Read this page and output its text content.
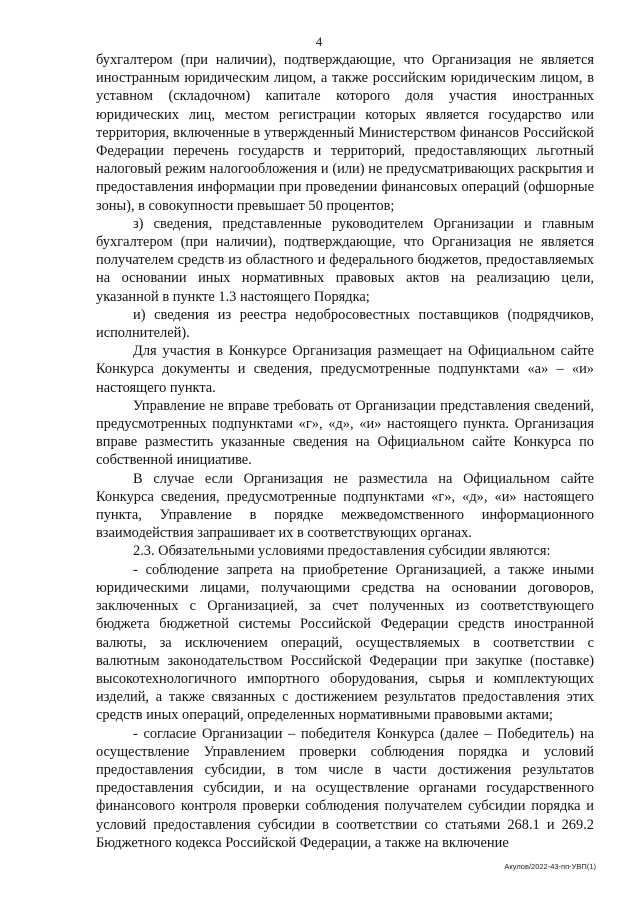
4

бухгалтером (при наличии), подтверждающие, что Организация не является иностранным юридическим лицом, а также российским юридическим лицом, в уставном (складочном) капитале которого доля участия иностранных юридических лиц, местом регистрации которых является государство или территория, включенные в утвержденный Министерством финансов Российской Федерации перечень государств и территорий, предоставляющих льготный налоговый режим налогообложения и (или) не предусматривающих раскрытия и предоставления информации при проведении финансовых операций (офшорные зоны), в совокупности превышает 50 процентов;

з) сведения, представленные руководителем Организации и главным бухгалтером (при наличии), подтверждающие, что Организация не является получателем средств из областного и федерального бюджетов, предоставляемых на основании иных нормативных правовых актов на реализацию цели, указанной в пункте 1.3 настоящего Порядка;

и) сведения из реестра недобросовестных поставщиков (подрядчиков, исполнителей).

Для участия в Конкурсе Организация размещает на Официальном сайте Конкурса документы и сведения, предусмотренные подпунктами «а» – «и» настоящего пункта.

Управление не вправе требовать от Организации представления сведений, предусмотренных подпунктами «г», «д», «и» настоящего пункта. Организация вправе разместить указанные сведения на Официальном сайте Конкурса по собственной инициативе.

В случае если Организация не разместила на Официальном сайте Конкурса сведения, предусмотренные подпунктами «г», «д», «и» настоящего пункта, Управление в порядке межведомственного информационного взаимодействия запрашивает их в соответствующих органах.

2.3. Обязательными условиями предоставления субсидии являются:

- соблюдение запрета на приобретение Организацией, а также иными юридическими лицами, получающими средства на основании договоров, заключенных с Организацией, за счет полученных из соответствующего бюджета бюджетной системы Российской Федерации средств иностранной валюты, за исключением операций, осуществляемых в соответствии с валютным законодательством Российской Федерации при закупке (поставке) высокотехнологичного импортного оборудования, сырья и комплектующих изделий, а также связанных с достижением результатов предоставления этих средств иных операций, определенных нормативными правовыми актами;

- согласие Организации – победителя Конкурса (далее – Победитель) на осуществление Управлением проверки соблюдения порядка и условий предоставления субсидии, в том числе в части достижения результатов предоставления субсидии, и на осуществление органами государственного финансового контроля проверки соблюдения получателем субсидии порядка и условий предоставления субсидии в соответствии со статьями 268.1 и 269.2 Бюджетного кодекса Российской Федерации, а также на включение

Акулов/2022-43-пп-УВП(1)
